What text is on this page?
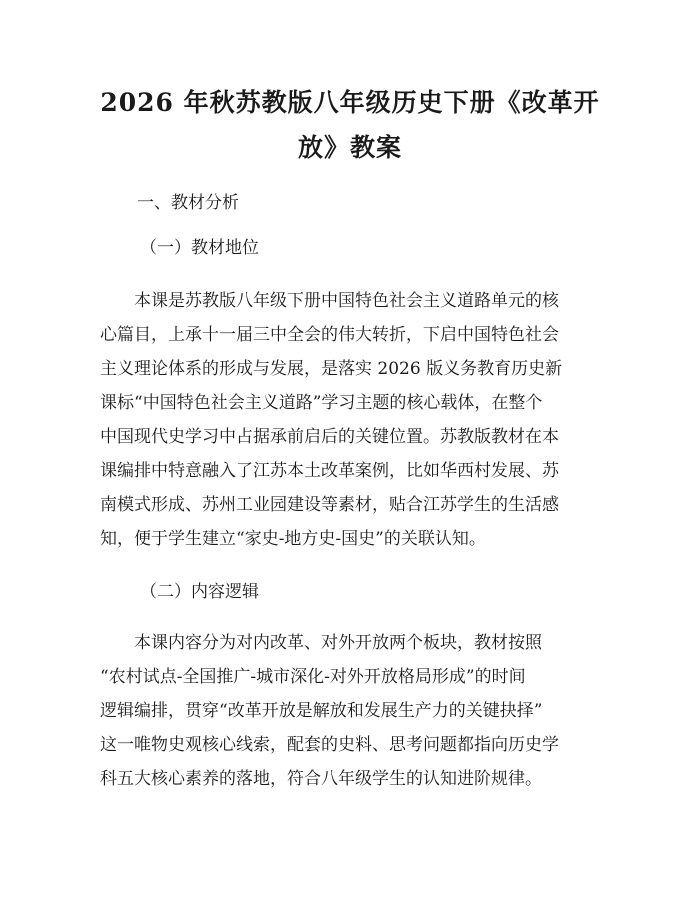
2026 年秋苏教版八年级历史下册《改革开
放》教案
一、教材分析
（一）教材地位
　　本课是苏教版八年级下册中国特色社会主义道路单元的核
心篇目，上承十一届三中全会的伟大转折，下启中国特色社会
主义理论体系的形成与发展，是落实 2026 版义务教育历史新
课标“中国特色社会主义道路”学习主题的核心载体，在整个
中国现代史学习中占据承前启后的关键位置。苏教版教材在本
课编排中特意融入了江苏本土改革案例，比如华西村发展、苏
南模式形成、苏州工业园建设等素材，贴合江苏学生的生活感
知，便于学生建立“家史-地方史-国史”的关联认知。
（二）内容逻辑
　　本课内容分为对内改革、对外开放两个板块，教材按照
“农村试点-全国推广-城市深化-对外开放格局形成”的时间
逻辑编排，贯穿“改革开放是解放和发展生产力的关键抉择”
这一唯物史观核心线索，配套的史料、思考问题都指向历史学
科五大核心素养的落地，符合八年级学生的认知进阶规律。
